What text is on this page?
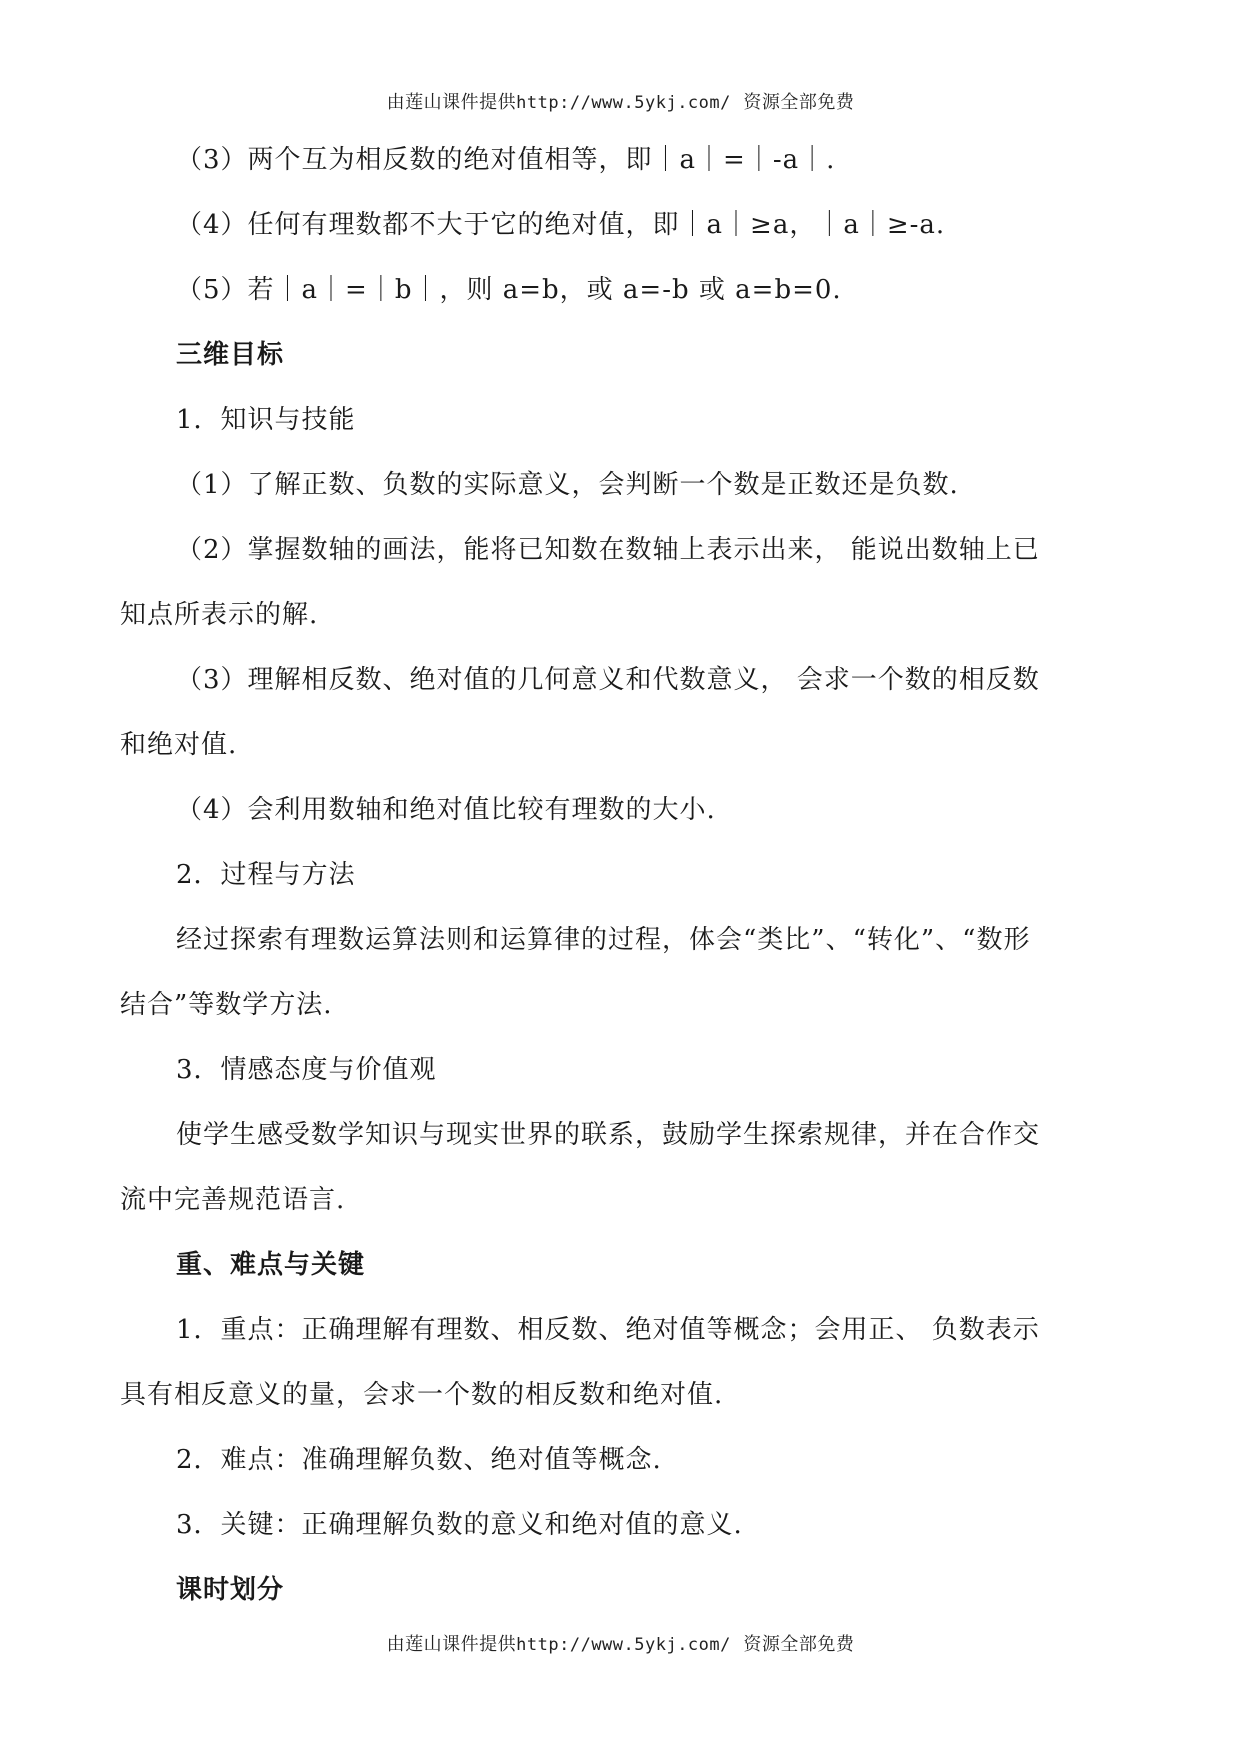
由莲山课件提供http://www.5ykj.com/ 资源全部免费
（3）两个互为相反数的绝对值相等，即｜a｜=｜-a｜.
（4）任何有理数都不大于它的绝对值，即｜a｜≥a，｜a｜≥-a.
（5）若｜a｜=｜b｜，则 a=b，或 a=-b 或 a=b=0.
三维目标
1．知识与技能
（1）了解正数、负数的实际意义，会判断一个数是正数还是负数.
（2）掌握数轴的画法，能将已知数在数轴上表示出来， 能说出数轴上已
知点所表示的解.
（3）理解相反数、绝对值的几何意义和代数意义， 会求一个数的相反数
和绝对值.
（4）会利用数轴和绝对值比较有理数的大小.
2．过程与方法
经过探索有理数运算法则和运算律的过程，体会“类比”、“转化”、“数形
结合”等数学方法.
3．情感态度与价值观
使学生感受数学知识与现实世界的联系，鼓励学生探索规律，并在合作交
流中完善规范语言.
重、难点与关键
1．重点：正确理解有理数、相反数、绝对值等概念；会用正、 负数表示
具有相反意义的量，会求一个数的相反数和绝对值.
2．难点：准确理解负数、绝对值等概念.
3．关键：正确理解负数的意义和绝对值的意义.
课时划分
由莲山课件提供http://www.5ykj.com/ 资源全部免费
